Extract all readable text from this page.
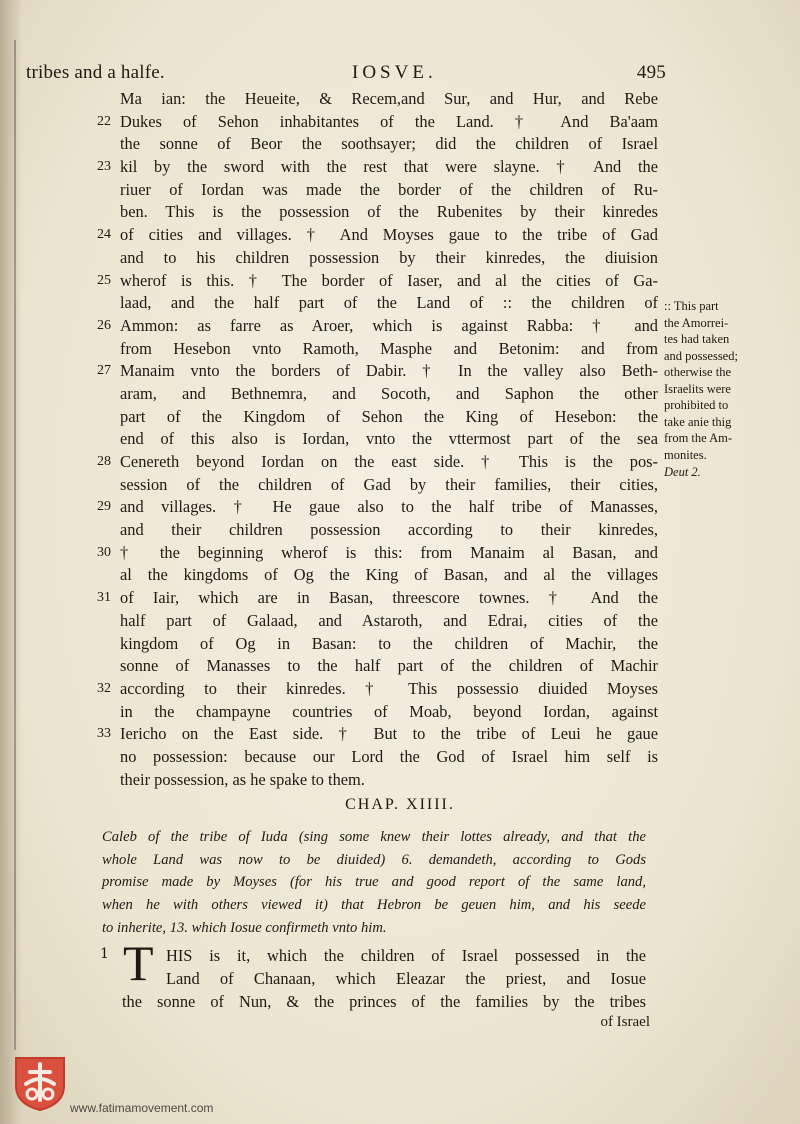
tribes and a halfe.	IOSVE.	495
Ma ian: the Heueite, & Recem,and Sur, and Hur, and Rebe
22 Dukes of Sehon inhabitantes of the Land. † And Ba'aam
the sonne of Beor the soothsayer; did the children of Israel
23 kil by the sword with the rest that were slayne. † And the
riuer of Iordan was made the border of the children of Ru-
ben. This is the possession of the Rubenites by their kinredes
24 of cities and villages. † And Moyses gaue to the tribe of Gad
and to his children possession by their kinredes, the diuision
25 wherof is this. † The border of Iaser, and al the cities of Ga-
laad, and the half part of the Land of :: the children of
26 Ammon: as farre as Aroer, which is against Rabba: † and
from Hesebon vnto Ramoth, Masphe and Betonim: and from
27 Manaim vnto the borders of Dabir. † In the valley also Beth-
aram, and Bethnemra, and Socoth, and Saphon the other
part of the Kingdom of Sehon the King of Hesebon: the
end of this also is Iordan, vnto the vttermost part of the sea
28 Cenereth beyond Iordan on the east side. † This is the pos-
session of the children of Gad by their families, their cities,
29 and villages. † He gaue also to the half tribe of Manasses,
and their children possession according to their kinredes,
30 † the beginning wherof is this: from Manaim al Basan, and
al the kingdoms of Og the King of Basan, and al the villages
31 of Iair, which are in Basan, threescore townes. † And the
half part of Galaad, and Astaroth, and Edrai, cities of the
kingdom of Og in Basan: to the children of Machir, the
sonne of Manasses to the half part of the children of Machir
32 according to their kinredes. † This possessio diuided Moyses
in the champayne countries of Moab, beyond Iordan, against
33 Iericho on the East side. † But to the tribe of Leui he gaue
no possession: because our Lord the God of Israel him self is
their possession, as he spake to them.
:: This part
the Amorrei-
tes had taken
and possessed;
otherwise the
Israelits were
prohibited to
take anie thig
from the Am-
monites.
Deut 2.
CHAP. XIIII.
Caleb of the tribe of Iuda (sing some knew their lottes already, and that the
whole Land was now to be diuided) 6. demandeth, according to Gods
promise made by Moyses (for his true and good report of the same land,
when he with others viewed it) that Hebron be geuen him, and his seede
to inherite, 13. which Iosue confirmeth vnto him.
1 T HIS is it, which the children of Israel possessed in the
Land of Chanaan, which Eleazar the priest, and Iosue
the sonne of Nun, & the princes of the families by the tribes
of Israel
www.fatimamovement.com
